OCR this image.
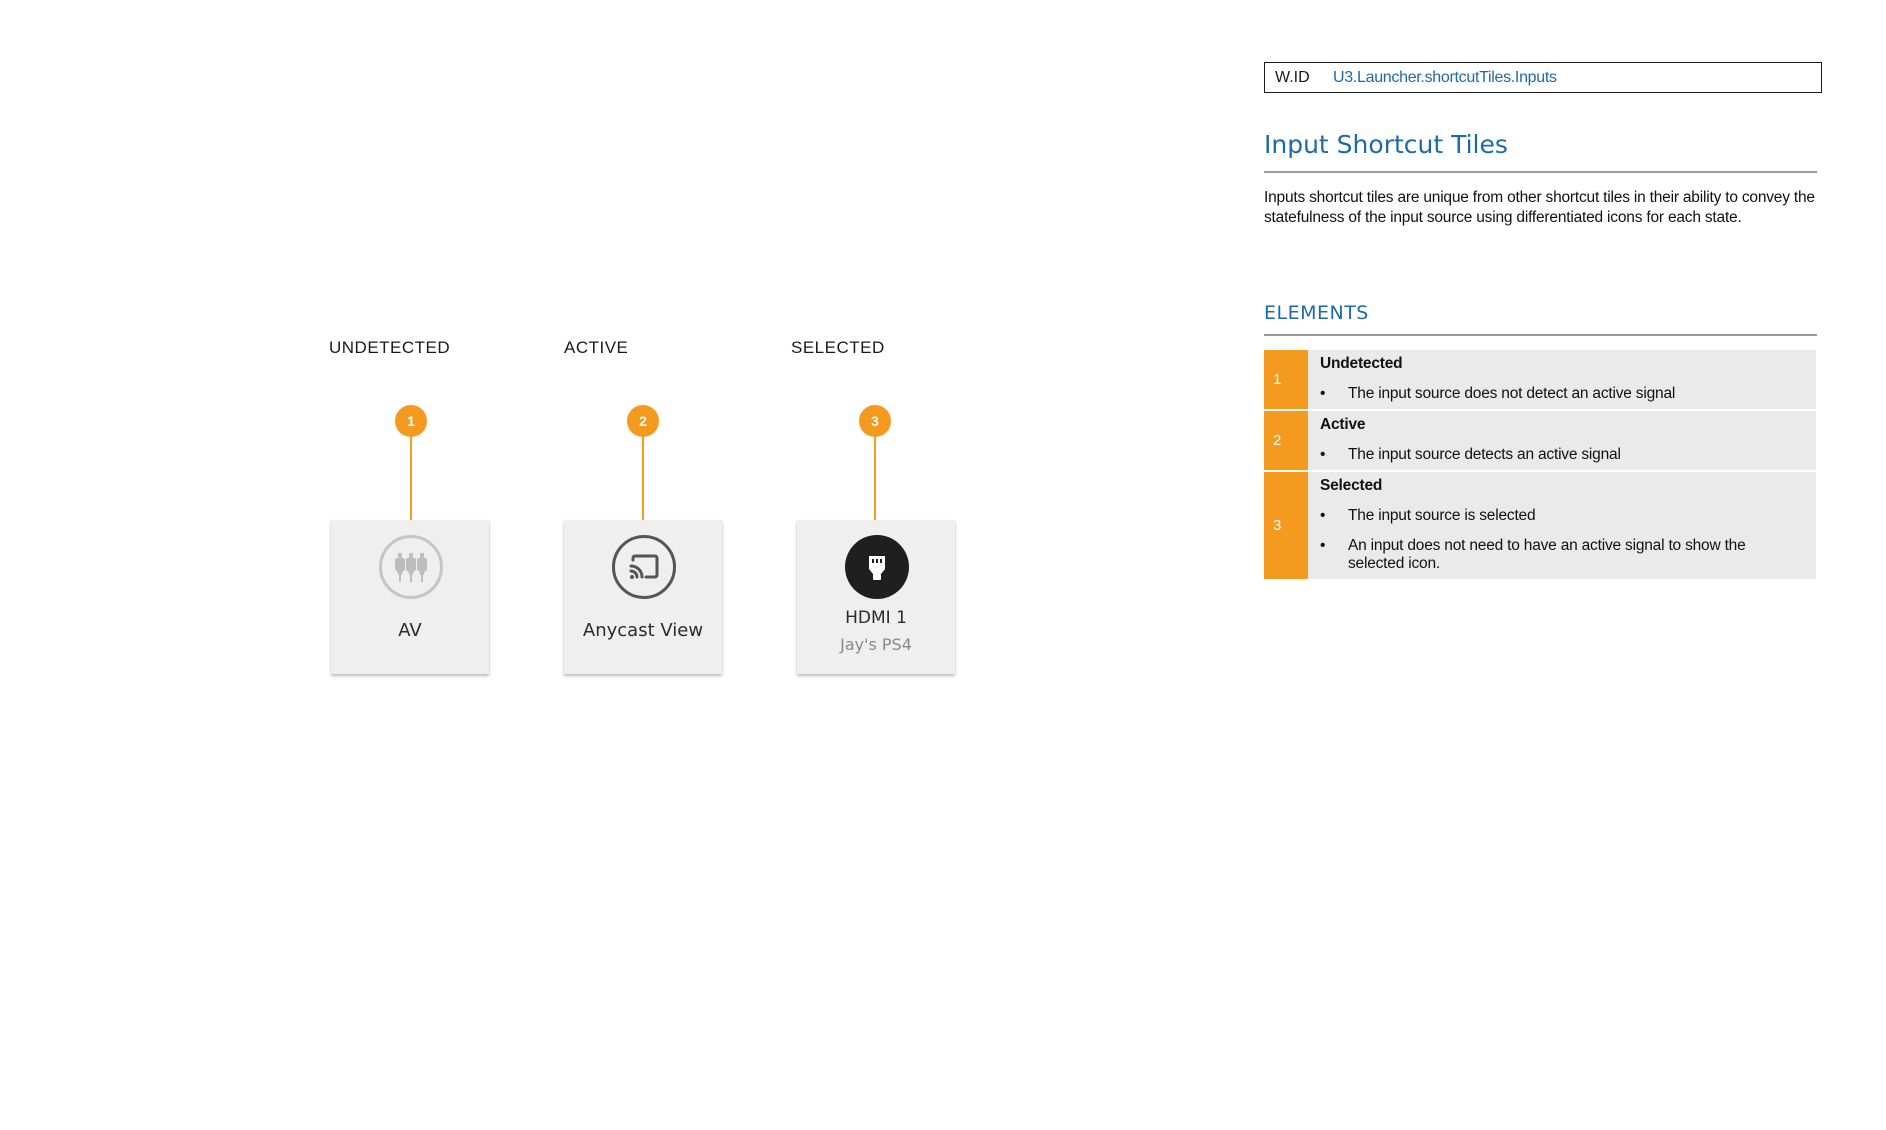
UNDETECTED	ACTIVE	SELECTED
1	2	3
AV	Anycast View
HDMI 1
Jay's PS4
W.ID	U3.Launcher.shortcutTiles.Inputs
Input Shortcut Tiles
Inputs shortcut tiles are unique from other shortcut tiles in their ability to convey the statefulness of the input source using differentiated icons for each state.
ELEMENTS
1
Undetected
•	The input source does not detect an active signal
2
Active
•	The input source detects an active signal
3
Selected
•	The input source is selected
•	An input does not need to have an active signal to show the selected icon.
